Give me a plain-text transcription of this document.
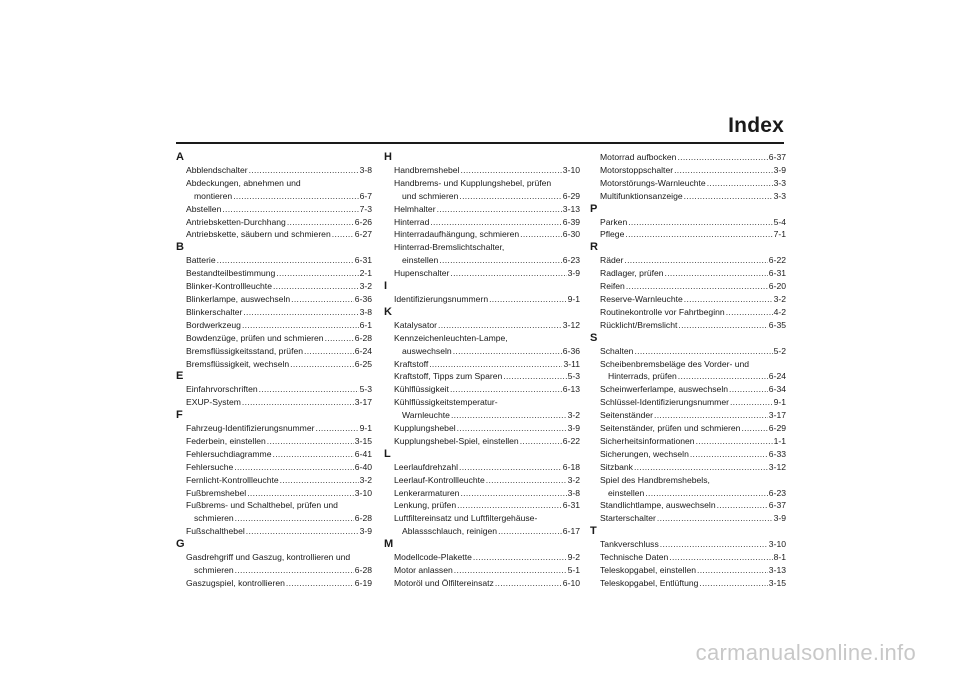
Index
A
Abblendschalter .....	3-8
Abdeckungen, abnehmen und
montieren .....	6-7
Abstellen .....	7-3
Antriebsketten-Durchhang .....	6-26
Antriebskette, säubern und schmieren .....	6-27
B
Batterie .....	6-31
Bestandteilbestimmung .....	2-1
Blinker-Kontrollleuchte .....	3-2
Blinkerlampe, auswechseln .....	6-36
Blinkerschalter .....	3-8
Bordwerkzeug .....	6-1
Bowdenzüge, prüfen und schmieren .....	6-28
Bremsflüssigkeitsstand, prüfen .....	6-24
Bremsflüssigkeit, wechseln .....	6-25
E
Einfahrvorschriften .....	5-3
EXUP-System .....	3-17
F
Fahrzeug-Identifizierungsnummer .....	9-1
Federbein, einstellen .....	3-15
Fehlersuchdiagramme .....	6-41
Fehlersuche .....	6-40
Fernlicht-Kontrollleuchte .....	3-2
Fußbremshebel .....	3-10
Fußbrems- und Schalthebel, prüfen und
schmieren .....	6-28
Fußschalthebel .....	3-9
G
Gasdrehgriff und Gaszug, kontrollieren und
schmieren .....	6-28
Gaszugspiel, kontrollieren .....	6-19
H
Handbremshebel .....	3-10
Handbrems- und Kupplungshebel, prüfen
und schmieren .....	6-29
Helmhalter .....	3-13
Hinterrad .....	6-39
Hinterradaufhängung, schmieren .....	6-30
Hinterrad-Bremslichtschalter,
einstellen .....	6-23
Hupenschalter .....	3-9
I
Identifizierungsnummern .....	9-1
K
Katalysator .....	3-12
Kennzeichenleuchten-Lampe,
auswechseln .....	6-36
Kraftstoff .....	3-11
Kraftstoff, Tipps zum Sparen .....	5-3
Kühlflüssigkeit .....	6-13
Kühlflüssigkeitstemperatur-
Warnleuchte .....	3-2
Kupplungshebel .....	3-9
Kupplungshebel-Spiel, einstellen .....	6-22
L
Leerlaufdrehzahl .....	6-18
Leerlauf-Kontrollleuchte .....	3-2
Lenkerarmaturen .....	3-8
Lenkung, prüfen .....	6-31
Luftfiltereinsatz und Luftfiltergehäuse-
Ablassschlauch, reinigen .....	6-17
M
Modellcode-Plakette .....	9-2
Motor anlassen .....	5-1
Motoröl und Ölfiltereinsatz .....	6-10
Motorrad aufbocken .....	6-37
Motorstoppschalter .....	3-9
Motorstörungs-Warnleuchte .....	3-3
Multifunktionsanzeige .....	3-3
P
Parken .....	5-4
Pflege .....	7-1
R
Räder .....	6-22
Radlager, prüfen .....	6-31
Reifen .....	6-20
Reserve-Warnleuchte .....	3-2
Routinekontrolle vor Fahrtbeginn .....	4-2
Rücklicht/Bremslicht .....	6-35
S
Schalten .....	5-2
Scheibenbremsbeläge des Vorder- und
Hinterrads, prüfen .....	6-24
Scheinwerferlampe, auswechseln .....	6-34
Schlüssel-Identifizierungsnummer .....	9-1
Seitenständer .....	3-17
Seitenständer, prüfen und schmieren .....	6-29
Sicherheitsinformationen .....	1-1
Sicherungen, wechseln .....	6-33
Sitzbank .....	3-12
Spiel des Handbremshebels,
einstellen .....	6-23
Standlichtlampe, auswechseln .....	6-37
Starterschalter .....	3-9
T
Tankverschluss .....	3-10
Technische Daten .....	8-1
Teleskopgabel, einstellen .....	3-13
Teleskopgabel, Entlüftung .....	3-15

carmanualsonline.info
